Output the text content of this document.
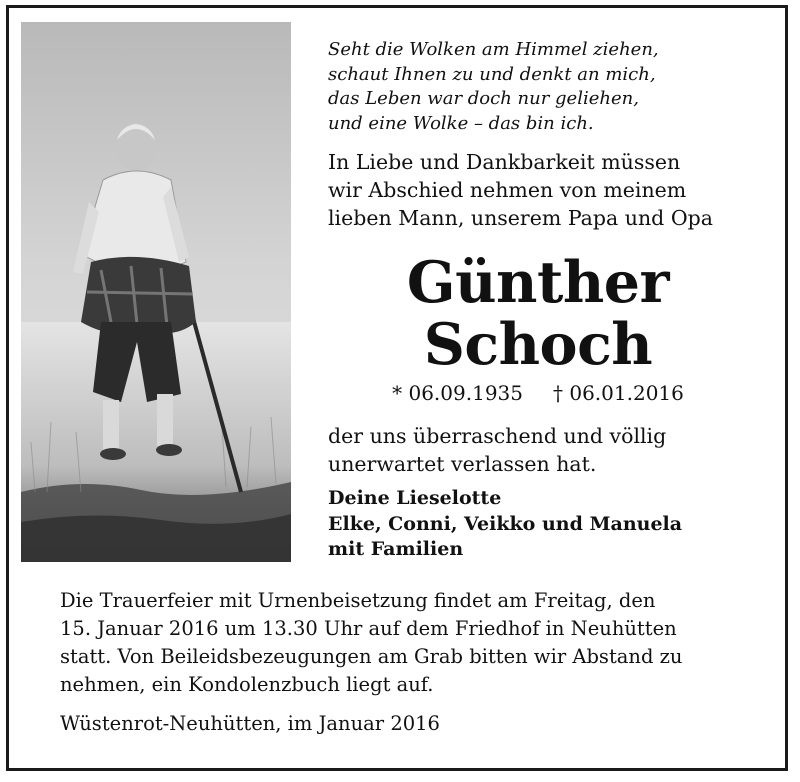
Seht die Wolken am Himmel ziehen,
schaut Ihnen zu und denkt an mich,
das Leben war doch nur geliehen,
und eine Wolke – das bin ich.
In Liebe und Dankbarkeit müssen
wir Abschied nehmen von meinem
lieben Mann, unserem Papa und Opa
Günther
Schoch
* 06.09.1935 † 06.01.2016
der uns überraschend und völlig
unerwartet verlassen hat.
Deine Lieselotte
Elke, Conni, Veikko und Manuela
mit Familien
Die Trauerfeier mit Urnenbeisetzung findet am Freitag, den
15. Januar 2016 um 13.30 Uhr auf dem Friedhof in Neuhütten
statt. Von Beileidsbezeugungen am Grab bitten wir Abstand zu
nehmen, ein Kondolenzbuch liegt auf.
Wüstenrot-Neuhütten, im Januar 2016
